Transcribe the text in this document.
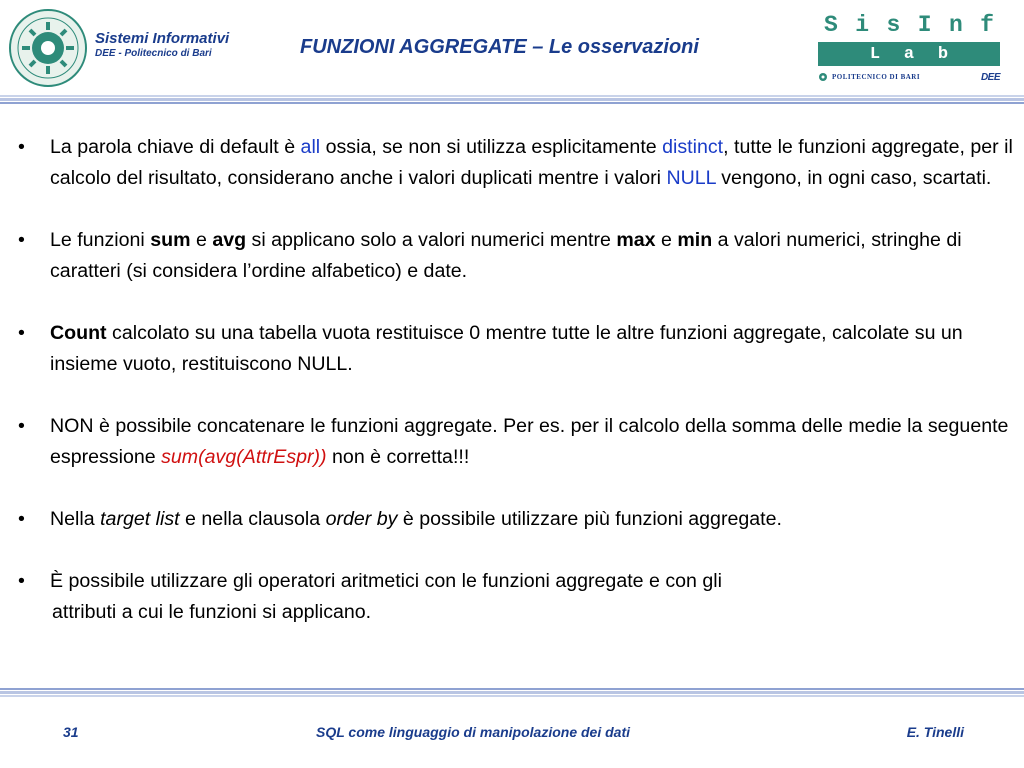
Sistemi Informativi
DEE - Politecnico di Bari	FUNZIONI AGGREGATE – Le osservazioni
S i s I n f
L a b
POLITECNICO DI BARI	DEE
• La parola chiave di default è all ossia, se non si utilizza esplicitamente distinct, tutte le funzioni aggregate, per il calcolo del risultato, considerano anche i valori duplicati mentre i valori NULL vengono, in ogni caso, scartati.
• Le funzioni sum e avg si applicano solo a valori numerici mentre max e min a valori numerici, stringhe di caratteri (si considera l’ordine alfabetico) e date.
• Count calcolato su una tabella vuota restituisce 0 mentre tutte le altre funzioni aggregate, calcolate su un insieme vuoto, restituiscono NULL.
• NON è possibile concatenare le funzioni aggregate. Per es. per il calcolo della somma delle medie la seguente espressione sum(avg(AttrEspr)) non è corretta!!!
• Nella target list e nella clausola order by è possibile utilizzare più funzioni aggregate.
• È possibile utilizzare gli operatori aritmetici con le funzioni aggregate e con gli
attributi a cui le funzioni si applicano.
31	SQL come linguaggio di manipolazione dei dati	E. Tinelli
